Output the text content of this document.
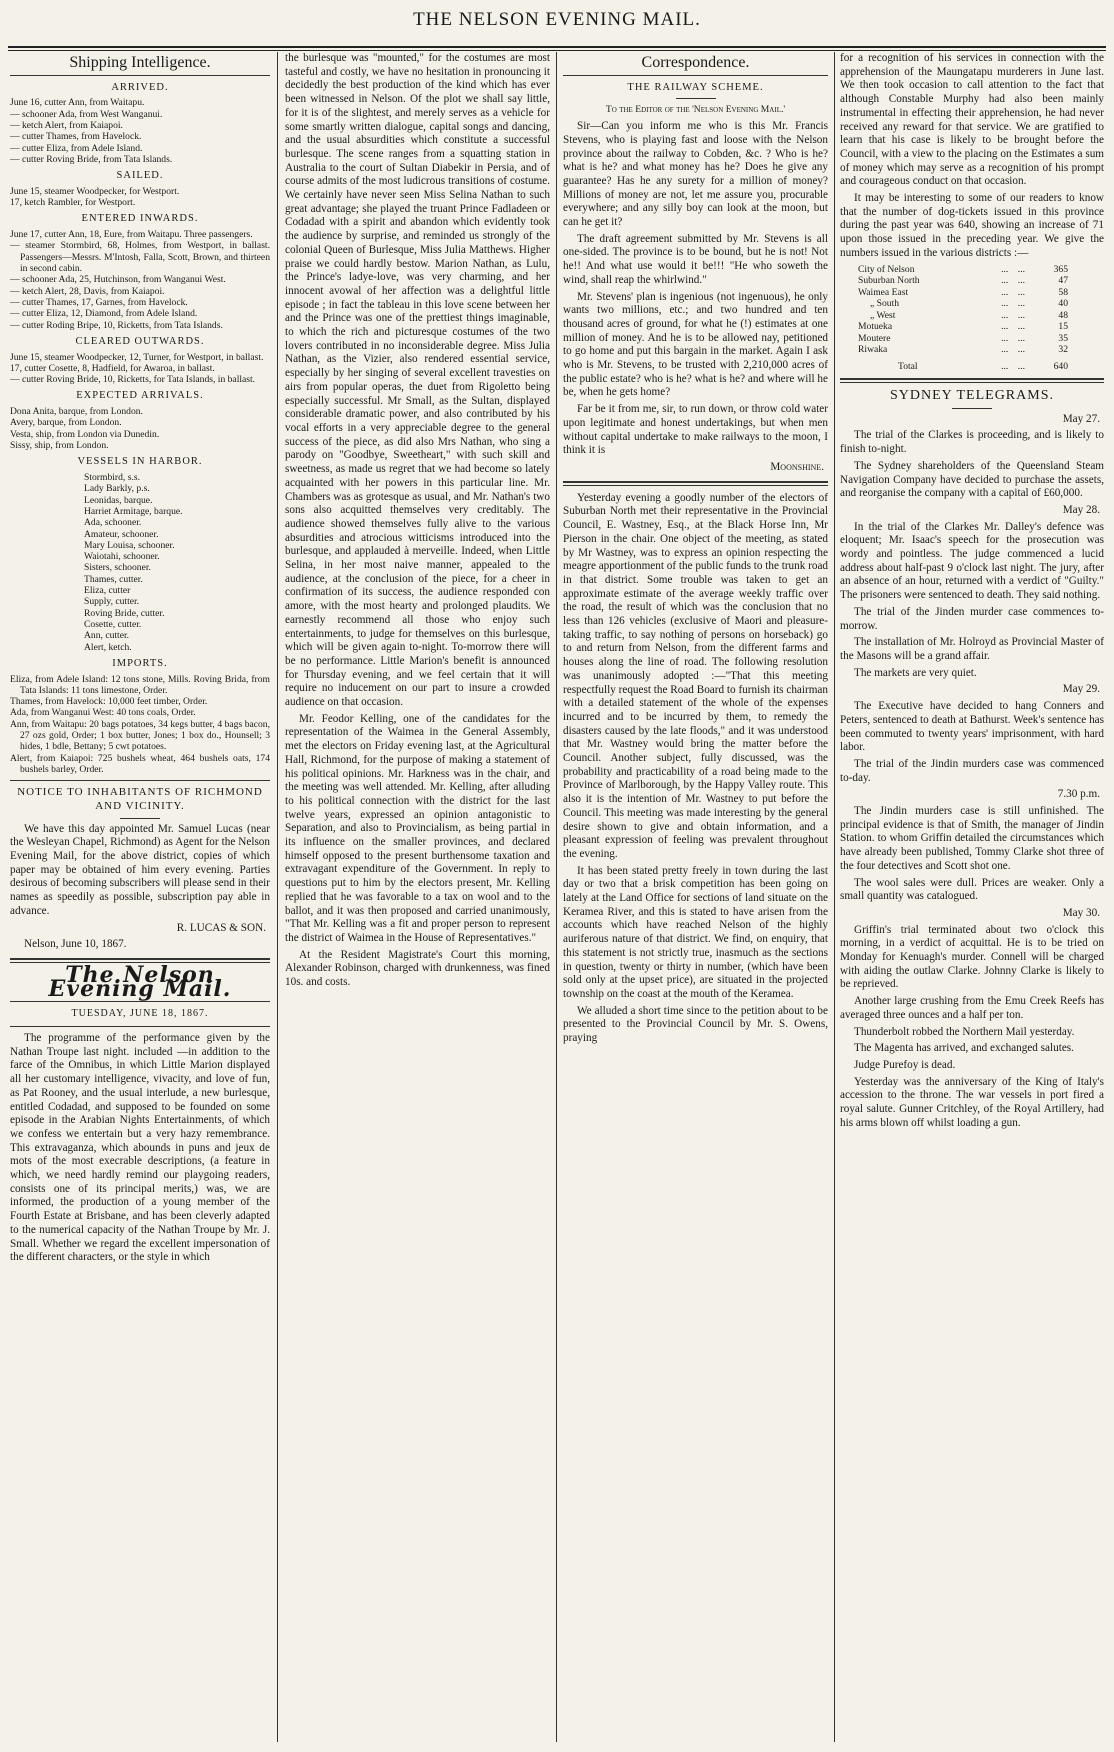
THE NELSON EVENING MAIL.
Shipping Intelligence.
ARRIVED.

June 16, cutter Ann, from Waitapu.

— schooner Ada, from West Wanganui.

— ketch Alert, from Kaiapoi.

— cutter Thames, from Havelock.

— cutter Eliza, from Adele Island.

— cutter Roving Bride, from Tata Islands.

SAILED.

June 15, steamer Woodpecker, for Westport.

17, ketch Rambler, for Westport.

ENTERED INWARDS.

June 17, cutter Ann, 18, Eure, from Waitapu. Three passengers.

— steamer Stormbird, 68, Holmes, from Westport, in ballast. Passengers—Messrs. M'Intosh, Falla, Scott, Brown, and thirteen in second cabin.

— schooner Ada, 25, Hutchinson, from Wanganui West.

— ketch Alert, 28, Davis, from Kaiapoi.

— cutter Thames, 17, Garnes, from Havelock.

— cutter Eliza, 12, Diamond, from Adele Island.

— cutter Roding Bripe, 10, Ricketts, from Tata Islands.

CLEARED OUTWARDS.

June 15, steamer Woodpecker, 12, Turner, for Westport, in ballast.

17, cutter Cosette, 8, Hadfield, for Awaroa, in ballast.

— cutter Roving Bride, 10, Ricketts, for Tata Islands, in ballast.

EXPECTED ARRIVALS.

Dona Anita, barque, from London.

Avery, barque, from London.

Vesta, ship, from London via Dunedin.

Sissy, ship, from London.

VESSELS IN HARBOR.

Stormbird, s.s.

Lady Barkly, p.s.

Leonidas, barque.

Harriet Armitage, barque.

Ada, schooner.

Amateur, schooner.

Mary Louisa, schooner.

Waiotahi, schooner.

Sisters, schooner.

Thames, cutter.

Eliza, cutter

Supply, cutter.

Roving Bride, cutter.

Cosette, cutter.

Ann, cutter.

Alert, ketch.

IMPORTS.

Eliza, from Adele Island: 12 tons stone, Mills. Roving Brida, from Tata Islands: 11 tons limestone, Order.

Thames, from Havelock: 10,000 feet timber, Order.

Ada, from Wanganui West: 40 tons coals, Order.

Ann, from Waitapu: 20 bags potatoes, 34 kegs butter, 4 bags bacon, 27 ozs gold, Order; 1 box butter, Jones; 1 box do., Hounsell; 3 hides, 1 bdle, Bettany; 5 cwt potatoes.

Alert, from Kaiapoi: 725 bushels wheat, 464 bushels oats, 174 bushels barley, Order.

NOTICE TO INHABITANTS OF RICHMOND AND VICINITY.

We have this day appointed Mr. Samuel Lucas (near the Wesleyan Chapel, Richmond) as Agent for the Nelson Evening Mail, for the above district, copies of which paper may be obtained of him every evening. Parties desirous of becoming subscribers will please send in their names as speedily as possible, subscription pay able in advance.

R. LUCAS & SON.

Nelson, June 10, 1867.

The Nelson Evening Mail.
TUESDAY, JUNE 18, 1867.

The programme of the performance given by the Nathan Troupe last night. included —in addition to the farce of the Omnibus, in which Little Marion displayed all her customary intelligence, vivacity, and love of fun, as Pat Rooney, and the usual interlude, a new burlesque, entitled Codadad, and supposed to be founded on some episode in the Arabian Nights Entertainments, of which we confess we entertain but a very hazy remembrance. This extravaganza, which abounds in puns and jeux de mots of the most execrable descriptions, (a feature in which, we need hardly remind our playgoing readers, consists one of its principal merits,) was, we are informed, the production of a young member of the Fourth Estate at Brisbane, and has been cleverly adapted to the numerical capacity of the Nathan Troupe by Mr. J. Small. Whether we regard the excellent impersonation of the different characters, or the style in which

the burlesque was "mounted," for the costumes are most tasteful and costly, we have no hesitation in pronouncing it decidedly the best production of the kind which has ever been witnessed in Nelson. Of the plot we shall say little, for it is of the slightest, and merely serves as a vehicle for some smartly written dialogue, capital songs and dancing, and the usual absurdities which constitute a successful burlesque. The scene ranges from a squatting station in Australia to the court of Sultan Diabekir in Persia, and of course admits of the most ludicrous transitions of costume. We certainly have never seen Miss Selina Nathan to such great advantage; she played the truant Prince Fadladeen or Codadad with a spirit and abandon which evidently took the audience by surprise, and reminded us strongly of the colonial Queen of Burlesque, Miss Julia Matthews. Higher praise we could hardly bestow. Marion Nathan, as Lulu, the Prince's ladye-love, was very charming, and her innocent avowal of her affection was a delightful little episode ; in fact the tableau in this love scene between her and the Prince was one of the prettiest things imaginable, to which the rich and picturesque costumes of the two lovers contributed in no inconsiderable degree. Miss Julia Nathan, as the Vizier, also rendered essential service, especially by her singing of several excellent travesties on airs from popular operas, the duet from Rigoletto being especially successful. Mr Small, as the Sultan, displayed considerable dramatic power, and also contributed by his vocal efforts in a very appreciable degree to the general success of the piece, as did also Mrs Nathan, who sing a parody on "Goodbye, Sweetheart," with such skill and sweetness, as made us regret that we had become so lately acquainted with her powers in this particular line. Mr. Chambers was as grotesque as usual, and Mr. Nathan's two sons also acquitted themselves very creditably. The audience showed themselves fully alive to the various absurdities and atrocious witticisms introduced into the burlesque, and applauded à merveille. Indeed, when Little Selina, in her most naive manner, appealed to the audience, at the conclusion of the piece, for a cheer in confirmation of its success, the audience responded con amore, with the most hearty and prolonged plaudits. We earnestly recommend all those who enjoy such entertainments, to judge for themselves on this burlesque, which will be given again to-night. To-morrow there will be no performance. Little Marion's benefit is announced for Thursday evening, and we feel certain that it will require no inducement on our part to insure a crowded audience on that occasion.

Mr. Feodor Kelling, one of the candidates for the representation of the Waimea in the General Assembly, met the electors on Friday evening last, at the Agricultural Hall, Richmond, for the purpose of making a statement of his political opinions. Mr. Harkness was in the chair, and the meeting was well attended. Mr. Kelling, after alluding to his political connection with the district for the last twelve years, expressed an opinion antagonistic to Separation, and also to Provincialism, as being partial in its influence on the smaller provinces, and declared himself opposed to the present burthensome taxation and extravagant expenditure of the Government. In reply to questions put to him by the electors present, Mr. Kelling replied that he was favorable to a tax on wool and to the ballot, and it was then proposed and carried unanimously, "That Mr. Kelling was a fit and proper person to represent the district of Waimea in the House of Representatives."

At the Resident Magistrate's Court this morning, Alexander Robinson, charged with drunkenness, was fined 10s. and costs.

Correspondence.
THE RAILWAY SCHEME.

To the Editor of the 'Nelson Evening Mail.'

Sir—Can you inform me who is this Mr. Francis Stevens, who is playing fast and loose with the Nelson province about the railway to Cobden, &c. ? Who is he? what is he? and what money has he? Does he give any guarantee? Has he any surety for a million of money? Millions of money are not, let me assure you, procurable everywhere; and any silly boy can look at the moon, but can he get it?

The draft agreement submitted by Mr. Stevens is all one-sided. The province is to be bound, but he is not! Not he!! And what use would it be!!! "He who soweth the wind, shall reap the whirlwind."

Mr. Stevens' plan is ingenious (not ingenuous), he only wants two millions, etc.; and two hundred and ten thousand acres of ground, for what he (!) estimates at one million of money. And he is to be allowed nay, petitioned to go home and put this bargain in the market. Again I ask who is Mr. Stevens, to be trusted with 2,210,000 acres of the public estate? who is he? what is he? and where will he be, when he gets home?

Far be it from me, sir, to run down, or throw cold water upon legitimate and honest undertakings, but when men without capital undertake to make railways to the moon, I think it is

Moonshine.

Yesterday evening a goodly number of the electors of Suburban North met their representative in the Provincial Council, E. Wastney, Esq., at the Black Horse Inn, Mr Pierson in the chair. One object of the meeting, as stated by Mr Wastney, was to express an opinion respecting the meagre apportionment of the public funds to the trunk road in that district. Some trouble was taken to get an approximate estimate of the average weekly traffic over the road, the result of which was the conclusion that no less than 126 vehicles (exclusive of Maori and pleasure-taking traffic, to say nothing of persons on horseback) go to and return from Nelson, from the different farms and houses along the line of road. The following resolution was unanimously adopted :—"That this meeting respectfully request the Road Board to furnish its chairman with a detailed statement of the whole of the expenses incurred and to be incurred by them, to remedy the disasters caused by the late floods," and it was understood that Mr. Wastney would bring the matter before the Council. Another subject, fully discussed, was the probability and practicability of a road being made to the Province of Marlborough, by the Happy Valley route. This also it is the intention of Mr. Wastney to put before the Council. This meeting was made interesting by the general desire shown to give and obtain information, and a pleasant expression of feeling was prevalent throughout the evening.

It has been stated pretty freely in town during the last day or two that a brisk competition has been going on lately at the Land Office for sections of land situate on the Keramea River, and this is stated to have arisen from the accounts which have reached Nelson of the highly auriferous nature of that district. We find, on enquiry, that this statement is not strictly true, inasmuch as the sections in question, twenty or thirty in number, (which have been sold only at the upset price), are situated in the projected township on the coast at the mouth of the Keramea.

We alluded a short time since to the petition about to be presented to the Provincial Council by Mr. S. Owens, praying

for a recognition of his services in connection with the apprehension of the Maungatapu murderers in June last. We then took occasion to call attention to the fact that although Constable Murphy had also been mainly instrumental in effecting their apprehension, he had never received any reward for that service. We are gratified to learn that his case is likely to be brought before the Council, with a view to the placing on the Estimates a sum of money which may serve as a recognition of his prompt and courageous conduct on that occasion.

It may be interesting to some of our readers to know that the number of dog-tickets issued in this province during the past year was 640, showing an increase of 71 upon those issued in the preceding year. We give the numbers issued in the various districts :—

City of Nelson	...	...	365
Suburban North	...	...	47
Waimea East	...	...	58
„ South	...	...	40
„ West	...	...	48
Motueka	...	...	15
Moutere	...	...	35
Riwaka	...	...	32
Total	...	...	640
SYDNEY TELEGRAMS.

May 27.

The trial of the Clarkes is proceeding, and is likely to finish to-night.

The Sydney shareholders of the Queensland Steam Navigation Company have decided to purchase the assets, and reorganise the company with a capital of £60,000.

May 28.

In the trial of the Clarkes Mr. Dalley's defence was eloquent; Mr. Isaac's speech for the prosecution was wordy and pointless. The judge commenced a lucid address about half-past 9 o'clock last night. The jury, after an absence of an hour, returned with a verdict of "Guilty." The prisoners were sentenced to death. They said nothing.

The trial of the Jinden murder case commences to-morrow.

The installation of Mr. Holroyd as Provincial Master of the Masons will be a grand affair.

The markets are very quiet.

May 29.

The Executive have decided to hang Conners and Peters, sentenced to death at Bathurst. Week's sentence has been commuted to twenty years' imprisonment, with hard labor.

The trial of the Jindin murders case was commenced to-day.

7.30 p.m.

The Jindin murders case is still unfinished. The principal evidence is that of Smith, the manager of Jindin Station. to whom Griffin detailed the circumstances which have already been published, Tommy Clarke shot three of the four detectives and Scott shot one.

The wool sales were dull. Prices are weaker. Only a small quantity was catalogued.

May 30.

Griffin's trial terminated about two o'clock this morning, in a verdict of acquittal. He is to be tried on Monday for Kenuagh's murder. Connell will be charged with aiding the outlaw Clarke. Johnny Clarke is likely to be reprieved.

Another large crushing from the Emu Creek Reefs has averaged three ounces and a half per ton.

Thunderbolt robbed the Northern Mail yesterday.

The Magenta has arrived, and exchanged salutes.

Judge Purefoy is dead.

Yesterday was the anniversary of the King of Italy's accession to the throne. The war vessels in port fired a royal salute. Gunner Critchley, of the Royal Artillery, had his arms blown off whilst loading a gun.
